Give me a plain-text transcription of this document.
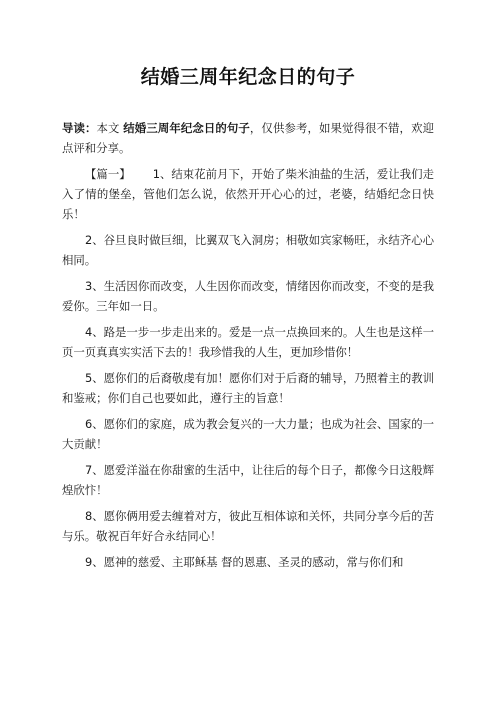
结婚三周年纪念日的句子

导读：本文 结婚三周年纪念日的句子，仅供参考，如果觉得很不错，欢迎点评和分享。

【篇一】 1、结束花前月下，开始了柴米油盐的生活，爱让我们走入了情的堡垒，管他们怎么说，依然开开心心的过，老婆，结婚纪念日快乐！

2、谷旦良时做巨细，比翼双飞入洞房；相敬如宾家畅旺，永结齐心心相同。

3、生活因你而改变，人生因你而改变，情绪因你而改变，不变的是我爱你。三年如一日。

4、路是一步一步走出来的。爱是一点一点换回来的。人生也是这样一页一页真真实实活下去的！我珍惜我的人生，更加珍惜你！

5、愿你们的后裔敬虔有加！愿你们对于后裔的辅导，乃照着主的教训和鉴戒；你们自己也要如此，遵行主的旨意！

6、愿你们的家庭，成为教会复兴的一大力量；也成为社会、国家的一大贡献！

7、愿爱洋溢在你甜蜜的生活中，让往后的每个日子，都像今日这般辉煌欣忭！

8、愿你俩用爱去缠着对方，彼此互相体谅和关怀，共同分享今后的苦与乐。敬祝百年好合永结同心！

9、愿神的慈爱、主耶稣基 督的恩惠、圣灵的感动，常与你们和
